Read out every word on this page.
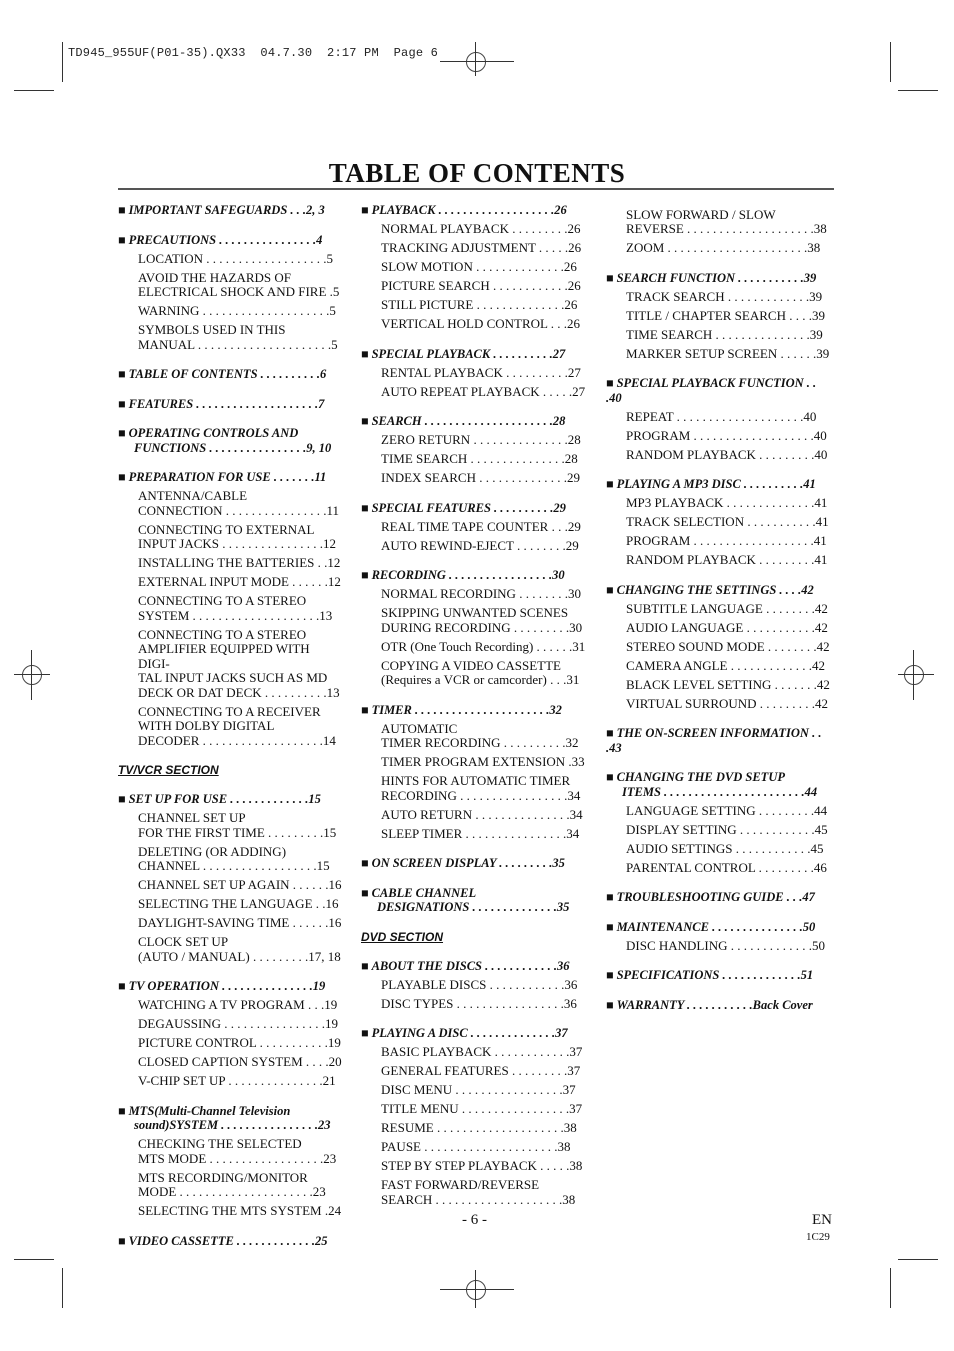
TD945_955UF(P01-35).QX33  04.7.30  2:17 PM  Page 6
TABLE OF CONTENTS
■ IMPORTANT SAFEGUARDS . . .2, 3
■ PRECAUTIONS . . . . . . . . . . . . . . . .4
LOCATION . . . . . . . . . . . . . . . . . . .5
AVOID THE HAZARDS OF
ELECTRICAL SHOCK AND FIRE .5
WARNING . . . . . . . . . . . . . . . . . . . .5
SYMBOLS USED IN THIS
MANUAL . . . . . . . . . . . . . . . . . . . . .5
■ TABLE OF CONTENTS . . . . . . . . . .6
■ FEATURES . . . . . . . . . . . . . . . . . . . .7
■ OPERATING CONTROLS AND
FUNCTIONS . . . . . . . . . . . . . . . .9, 10
■ PREPARATION FOR USE . . . . . . .11
ANTENNA/CABLE
CONNECTION . . . . . . . . . . . . . . . .11
CONNECTING TO EXTERNAL
INPUT JACKS . . . . . . . . . . . . . . . .12
INSTALLING THE BATTERIES . .12
EXTERNAL INPUT MODE . . . . . .12
CONNECTING TO A STEREO
SYSTEM . . . . . . . . . . . . . . . . . . . .13
CONNECTING TO A STEREO
AMPLIFIER EQUIPPED WITH DIGI-
TAL INPUT JACKS SUCH AS MD
DECK OR DAT DECK . . . . . . . . . .13
CONNECTING TO A RECEIVER
WITH DOLBY DIGITAL
DECODER . . . . . . . . . . . . . . . . . . .14
TV/VCR SECTION
■ SET UP FOR USE . . . . . . . . . . . . .15
CHANNEL SET UP
FOR THE FIRST TIME . . . . . . . . .15
DELETING (OR ADDING)
CHANNEL . . . . . . . . . . . . . . . . . .15
CHANNEL SET UP AGAIN . . . . . .16
SELECTING THE LANGUAGE . .16
DAYLIGHT-SAVING TIME . . . . . .16
CLOCK SET UP
(AUTO / MANUAL) . . . . . . . . .17, 18
■ TV OPERATION . . . . . . . . . . . . . . .19
WATCHING A TV PROGRAM . . .19
DEGAUSSING . . . . . . . . . . . . . . . .19
PICTURE CONTROL . . . . . . . . . . .19
CLOSED CAPTION SYSTEM . . . .20
V-CHIP SET UP . . . . . . . . . . . . . . .21
■ MTS(Multi-Channel Television
sound)SYSTEM . . . . . . . . . . . . . . . .23
CHECKING THE SELECTED
MTS MODE . . . . . . . . . . . . . . . . . .23
MTS RECORDING/MONITOR
MODE . . . . . . . . . . . . . . . . . . . . .23
SELECTING THE MTS SYSTEM .24
■ VIDEO CASSETTE . . . . . . . . . . . . .25
■ PLAYBACK . . . . . . . . . . . . . . . . . . .26
NORMAL PLAYBACK . . . . . . . . .26
TRACKING ADJUSTMENT . . . . .26
SLOW MOTION . . . . . . . . . . . . . .26
PICTURE SEARCH . . . . . . . . . . . .26
STILL PICTURE . . . . . . . . . . . . . .26
VERTICAL HOLD CONTROL . . .26
■ SPECIAL PLAYBACK . . . . . . . . . .27
RENTAL PLAYBACK . . . . . . . . . .27
AUTO REPEAT PLAYBACK . . . . .27
■ SEARCH . . . . . . . . . . . . . . . . . . . . .28
ZERO RETURN . . . . . . . . . . . . . . .28
TIME SEARCH . . . . . . . . . . . . . . .28
INDEX SEARCH . . . . . . . . . . . . . .29
■ SPECIAL FEATURES . . . . . . . . . .29
REAL TIME TAPE COUNTER . . .29
AUTO REWIND-EJECT . . . . . . . .29
■ RECORDING . . . . . . . . . . . . . . . . .30
NORMAL RECORDING . . . . . . . .30
SKIPPING UNWANTED SCENES
DURING RECORDING . . . . . . . . .30
OTR (One Touch Recording) . . . . . .31
COPYING A VIDEO CASSETTE
(Requires a VCR or camcorder) . . .31
■ TIMER . . . . . . . . . . . . . . . . . . . . . .32
AUTOMATIC
TIMER RECORDING . . . . . . . . . .32
TIMER PROGRAM EXTENSION .33
HINTS FOR AUTOMATIC TIMER
RECORDING . . . . . . . . . . . . . . . . .34
AUTO RETURN . . . . . . . . . . . . . . .34
SLEEP TIMER . . . . . . . . . . . . . . . .34
■ ON SCREEN DISPLAY . . . . . . . . .35
■ CABLE CHANNEL
DESIGNATIONS . . . . . . . . . . . . . .35
DVD SECTION
■ ABOUT THE DISCS . . . . . . . . . . . .36
PLAYABLE DISCS . . . . . . . . . . . .36
DISC TYPES . . . . . . . . . . . . . . . . .36
■ PLAYING A DISC . . . . . . . . . . . . . .37
BASIC PLAYBACK . . . . . . . . . . . .37
GENERAL FEATURES . . . . . . . . .37
DISC MENU . . . . . . . . . . . . . . . . .37
TITLE MENU . . . . . . . . . . . . . . . . .37
RESUME . . . . . . . . . . . . . . . . . . . .38
PAUSE . . . . . . . . . . . . . . . . . . . . .38
STEP BY STEP PLAYBACK . . . . .38
FAST FORWARD/REVERSE
SEARCH . . . . . . . . . . . . . . . . . . . .38
SLOW FORWARD / SLOW
REVERSE . . . . . . . . . . . . . . . . . . . .38
ZOOM . . . . . . . . . . . . . . . . . . . . . .38
■ SEARCH FUNCTION . . . . . . . . . . .39
TRACK SEARCH . . . . . . . . . . . . .39
TITLE / CHAPTER SEARCH . . . .39
TIME SEARCH . . . . . . . . . . . . . . .39
MARKER SETUP SCREEN . . . . . .39
■ SPECIAL PLAYBACK FUNCTION . . .40
REPEAT . . . . . . . . . . . . . . . . . . . .40
PROGRAM . . . . . . . . . . . . . . . . . . .40
RANDOM PLAYBACK . . . . . . . . .40
■ PLAYING A MP3 DISC . . . . . . . . . .41
MP3 PLAYBACK . . . . . . . . . . . . . .41
TRACK SELECTION . . . . . . . . . . .41
PROGRAM . . . . . . . . . . . . . . . . . . .41
RANDOM PLAYBACK . . . . . . . . .41
■ CHANGING THE SETTINGS . . . .42
SUBTITLE LANGUAGE . . . . . . . .42
AUDIO LANGUAGE . . . . . . . . . . .42
STEREO SOUND MODE . . . . . . . .42
CAMERA ANGLE . . . . . . . . . . . . .42
BLACK LEVEL SETTING . . . . . . .42
VIRTUAL SURROUND . . . . . . . . .42
■ THE ON-SCREEN INFORMATION . . .43
■ CHANGING THE DVD SETUP
ITEMS . . . . . . . . . . . . . . . . . . . . . . .44
LANGUAGE SETTING . . . . . . . . .44
DISPLAY SETTING . . . . . . . . . . . .45
AUDIO SETTINGS . . . . . . . . . . . .45
PARENTAL CONTROL . . . . . . . . .46
■ TROUBLESHOOTING GUIDE . . .47
■ MAINTENANCE . . . . . . . . . . . . . . .50
DISC HANDLING . . . . . . . . . . . . .50
■ SPECIFICATIONS . . . . . . . . . . . . .51
■ WARRANTY . . . . . . . . . . .Back Cover
- 6 -	EN
1C29
